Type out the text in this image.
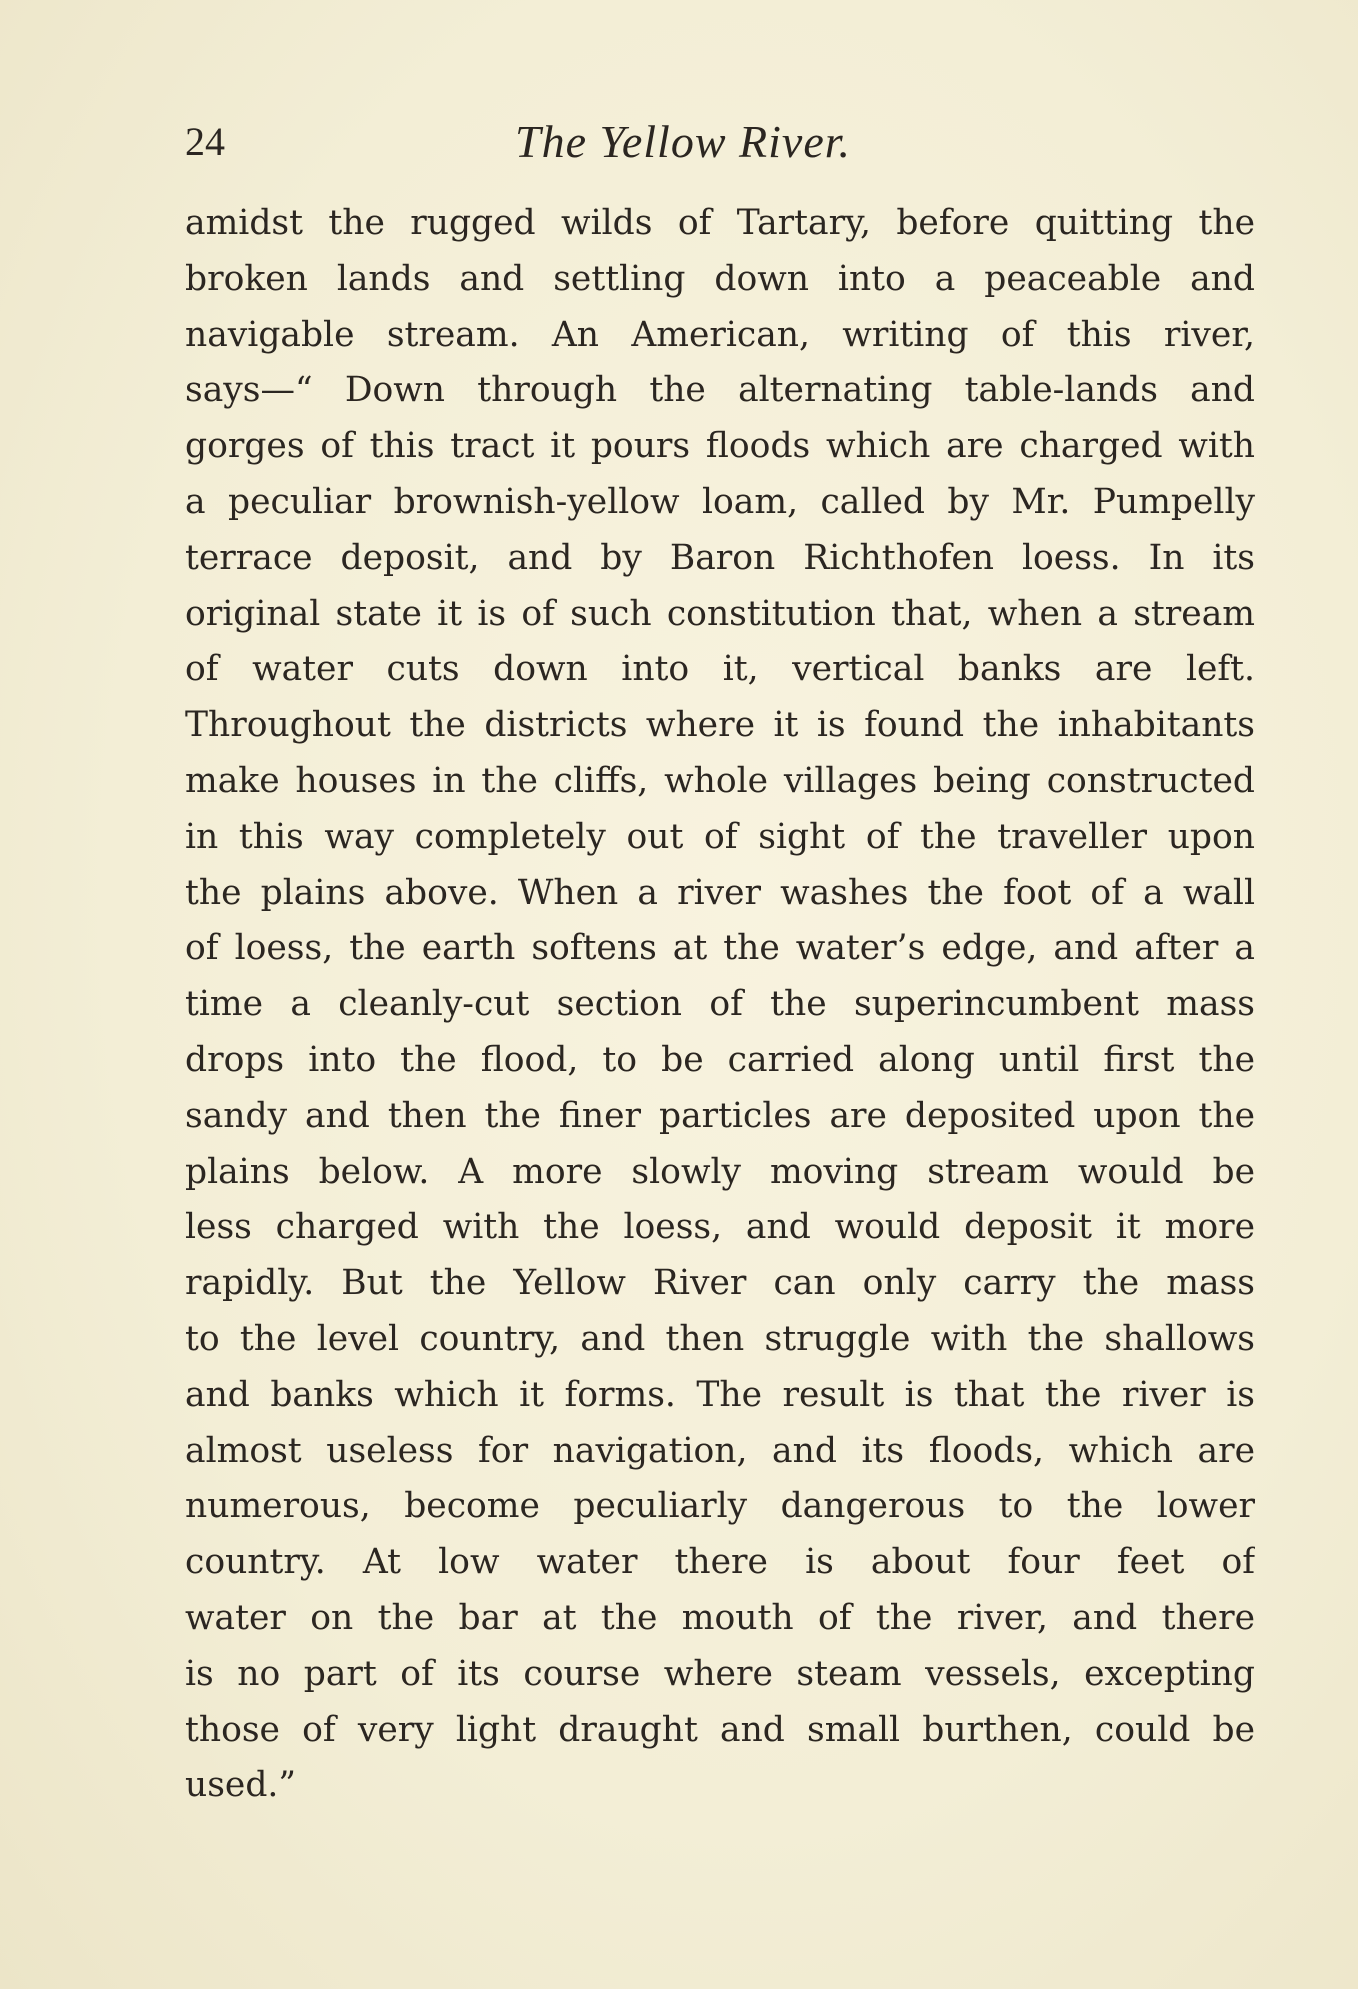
24	The Yellow River.
amidst the rugged wilds of Tartary, before quitting the
broken lands and settling down into a peaceable and
navigable stream. An American, writing of this river,
says—“ Down through the alternating table-lands and
gorges of this tract it pours floods which are charged with
a peculiar brownish-yellow loam, called by Mr. Pumpelly
terrace deposit, and by Baron Richthofen loess. In its
original state it is of such constitution that, when a stream
of water cuts down into it, vertical banks are left.
Throughout the districts where it is found the inhabitants
make houses in the cliffs, whole villages being constructed
in this way completely out of sight of the traveller upon
the plains above. When a river washes the foot of a wall
of loess, the earth softens at the water’s edge, and after a
time a cleanly-cut section of the superincumbent mass
drops into the flood, to be carried along until first the
sandy and then the finer particles are deposited upon the
plains below. A more slowly moving stream would be
less charged with the loess, and would deposit it more
rapidly. But the Yellow River can only carry the mass
to the level country, and then struggle with the shallows
and banks which it forms. The result is that the river is
almost useless for navigation, and its floods, which are
numerous, become peculiarly dangerous to the lower
country. At low water there is about four feet of
water on the bar at the mouth of the river, and there
is no part of its course where steam vessels, excepting
those of very light draught and small burthen, could be
used.”
